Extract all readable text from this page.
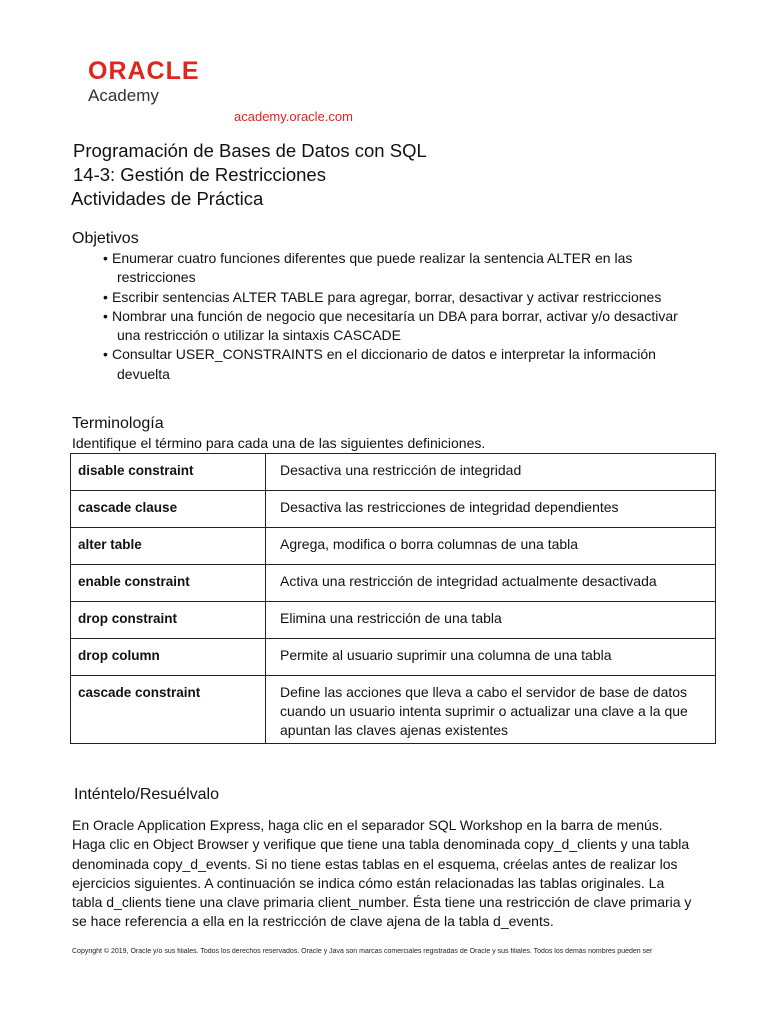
ORACLE
Academy
academy.oracle.com
Programación de Bases de Datos con SQL
14-3: Gestión de Restricciones
Actividades de Práctica
Objetivos
• Enumerar cuatro funciones diferentes que puede realizar la sentencia ALTER en las restricciones
• Escribir sentencias ALTER TABLE para agregar, borrar, desactivar y activar restricciones
• Nombrar una función de negocio que necesitaría un DBA para borrar, activar y/o desactivar una restricción o utilizar la sintaxis CASCADE
• Consultar USER_CONSTRAINTS en el diccionario de datos e interpretar la información devuelta
Terminología
Identifique el término para cada una de las siguientes definiciones.
disable constraint	Desactiva una restricción de integridad
cascade clause	Desactiva las restricciones de integridad dependientes
alter table	Agrega, modifica o borra columnas de una tabla
enable constraint	Activa una restricción de integridad actualmente desactivada
drop constraint	Elimina una restricción de una tabla
drop column	Permite al usuario suprimir una columna de una tabla
cascade constraint	Define las acciones que lleva a cabo el servidor de base de datos cuando un usuario intenta suprimir o actualizar una clave a la que apuntan las claves ajenas existentes
Inténtelo/Resuélvalo
En Oracle Application Express, haga clic en el separador SQL Workshop en la barra de menús. Haga clic en Object Browser y verifique que tiene una tabla denominada copy_d_clients y una tabla denominada copy_d_events. Si no tiene estas tablas en el esquema, créelas antes de realizar los ejercicios siguientes. A continuación se indica cómo están relacionadas las tablas originales. La tabla d_clients tiene una clave primaria client_number. Ésta tiene una restricción de clave primaria y se hace referencia a ella en la restricción de clave ajena de la tabla d_events.
Copyright © 2019, Oracle y/o sus filiales. Todos los derechos reservados. Oracle y Java son marcas comerciales registradas de Oracle y sus filiales. Todos los demás nombres pueden ser
